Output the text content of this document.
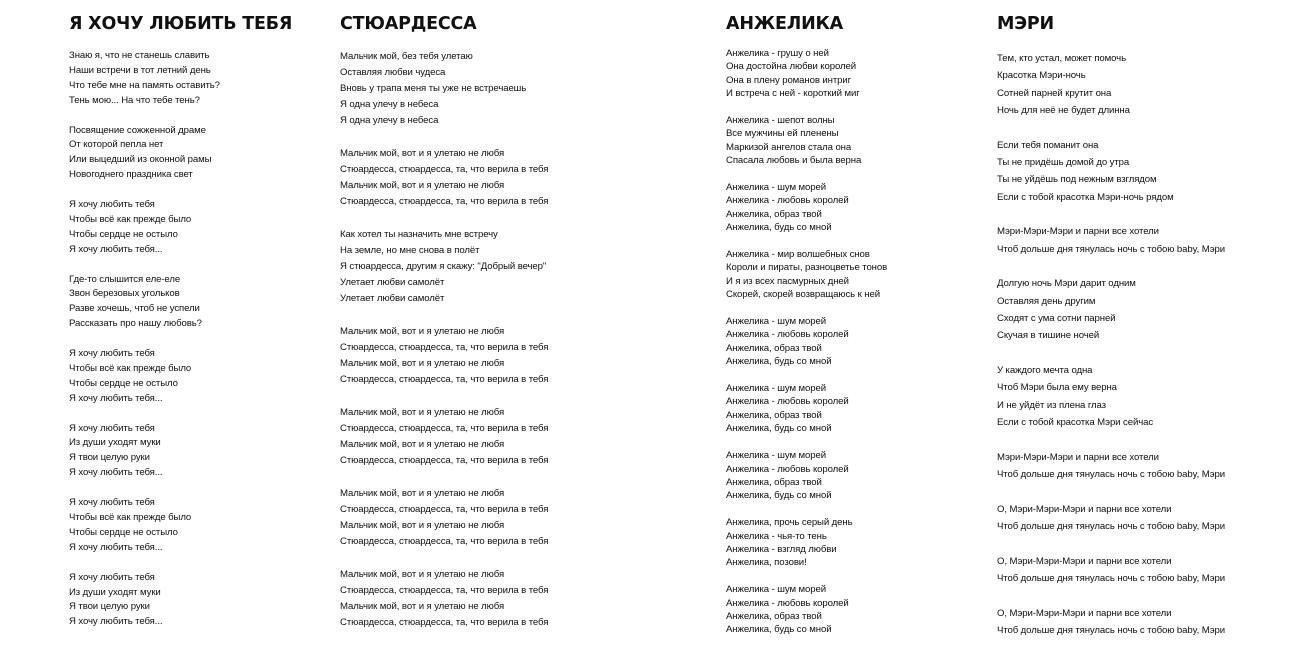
Я ХОЧУ ЛЮБИТЬ ТЕБЯ
Знаю я, что не станешь славить
Наши встречи в тот летний день
Что тебе мне на память оставить?
Тень мою... На что тебе тень?
Посвящение сожженной драме
От которой пепла нет
Или выцедший из оконной рамы
Новогоднего праздника свет
Я хочу любить тебя
Чтобы всё как прежде было
Чтобы сердце не остыло
Я хочу любить тебя...
Где-то слышится еле-еле
Звон березовых угольков
Разве хочешь, чтоб не успели
Рассказать про нашу любовь?
Я хочу любить тебя
Чтобы всё как прежде было
Чтобы сердце не остыло
Я хочу любить тебя...
Я хочу любить тебя
Из души уходят муки
Я твои целую руки
Я хочу любить тебя...
Я хочу любить тебя
Чтобы всё как прежде было
Чтобы сердце не остыло
Я хочу любить тебя...
Я хочу любить тебя
Из души уходят муки
Я твои целую руки
Я хочу любить тебя...
СТЮАРДЕССА
Мальчик мой, без тебя улетаю
Оставляя любви чудеса
Вновь у трапа меня ты уже не встречаешь
Я одна улечу в небеса
Я одна улечу в небеса
Мальчик мой, вот и я улетаю не любя
Стюардесса, стюардесса, та, что верила в тебя
Мальчик мой, вот и я улетаю не любя
Стюардесса, стюардесса, та, что верила в тебя
Как хотел ты назначить мне встречу
На земле, но мне снова в полёт
Я стюардесса, другим я скажу: "Добрый вечер"
Улетает любви самолёт
Улетает любви самолёт
Мальчик мой, вот и я улетаю не любя
Стюардесса, стюардесса, та, что верила в тебя
Мальчик мой, вот и я улетаю не любя
Стюардесса, стюардесса, та, что верила в тебя
Мальчик мой, вот и я улетаю не любя
Стюардесса, стюардесса, та, что верила в тебя
Мальчик мой, вот и я улетаю не любя
Стюардесса, стюардесса, та, что верила в тебя
Мальчик мой, вот и я улетаю не любя
Стюардесса, стюардесса, та, что верила в тебя
Мальчик мой, вот и я улетаю не любя
Стюардесса, стюардесса, та, что верила в тебя
Мальчик мой, вот и я улетаю не любя
Стюардесса, стюардесса, та, что верила в тебя
Мальчик мой, вот и я улетаю не любя
Стюардесса, стюардесса, та, что верила в тебя
АНЖЕЛИКА
Анжелика - грушу о ней
Она достойна любви королей
Она в плену романов интриг
И встреча с ней - короткий миг
Анжелика - шепот волны
Все мужчины ей пленены
Маркизой ангелов стала она
Спасала любовь и была верна
Анжелика - шум морей
Анжелика - любовь королей
Анжелика, образ твой
Анжелика, будь со мной
Анжелика - мир волшебных снов
Короли и пираты, разноцветье тонов
И я из всех пасмурных дней
Скорей, скорей возвращаюсь к ней
Анжелика - шум морей
Анжелика - любовь королей
Анжелика, образ твой
Анжелика, будь со мной
Анжелика - шум морей
Анжелика - любовь королей
Анжелика, образ твой
Анжелика, будь со мной
Анжелика - шум морей
Анжелика - любовь королей
Анжелика, образ твой
Анжелика, будь со мной
Анжелика, прочь серый день
Анжелика - чья-то тень
Анжелика - взгляд любви
Анжелика, позови!
Анжелика - шум морей
Анжелика - любовь королей
Анжелика, образ твой
Анжелика, будь со мной
МЭРИ
Тем, кто устал, может помочь
Красотка Мэри-ночь
Сотней парней крутит она
Ночь для неё не будет длинна
Если тебя поманит она
Ты не придёшь домой до утра
Ты не уйдёшь под нежным взглядом
Если с тобой красотка Мэри-ночь рядом
Мэри-Мэри-Мэри и парни все хотели
Чтоб дольше дня тянулась ночь с тобою baby, Мэри
Долгую ночь Мэри дарит одним
Оставляя день другим
Сходят с ума сотни парней
Скучая в тишине ночей
У каждого мечта одна
Чтоб Мэри была ему верна
И не уйдёт из плена глаз
Если с тобой красотка Мэри сейчас
Мэри-Мэри-Мэри и парни все хотели
Чтоб дольше дня тянулась ночь с тобою baby, Мэри
О, Мэри-Мэри-Мэри и парни все хотели
Чтоб дольше дня тянулась ночь с тобою baby, Мэри
О, Мэри-Мэри-Мэри и парни все хотели
Чтоб дольше дня тянулась ночь с тобою baby, Мэри
О, Мэри-Мэри-Мэри и парни все хотели
Чтоб дольше дня тянулась ночь с тобою baby, Мэри
